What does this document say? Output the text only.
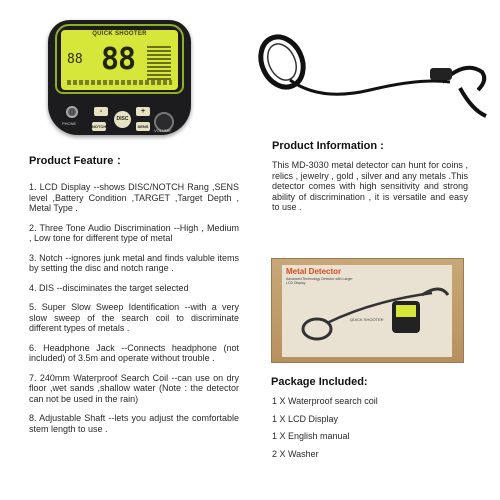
QUICK SHOOTER
88 88
PHONE
-	+
NOTCH
DISC
SENS
VOLUME
Product Feature ：
1. LCD Display --shows DISC/NOTCH Rang ,SENS level ,Battery Condition ,TARGET ,Target Depth , Metal Type .
2. Three Tone Audio Discrimination --High , Medium , Low tone for different type of metal
3. Notch --ignores junk metal and finds valuble items by setting the disc and notch range .
4. DIS --disciminates the target selected
5. Super Slow Sweep Identification --with a very slow sweep of the search coil to discriminate different types of metals .
6. Headphone Jack --Connects headphone (not included) of 3.5m and operate without trouble .
7. 240mm Waterproof Search Coil --can use on dry floor ,wet sands ,shallow water (Note : the detector can not be used in the rain)
8. Adjustable Shaft --lets you adjust the comfortable stem length to use .
Product Information :

This MD-3030 metal detector can hunt for coins , relics , jewelry , gold , silver and any metals .This detector comes with high sensitivity and strong ability of discrimination , it is versatile and easy to use .

Metal Detector
Advanced Technology Detector with Larger LCD Display
QUICK SHOOTER
Package Included:
1 X Waterproof search coil
1 X LCD Display
1 X English manual
2 X Washer
